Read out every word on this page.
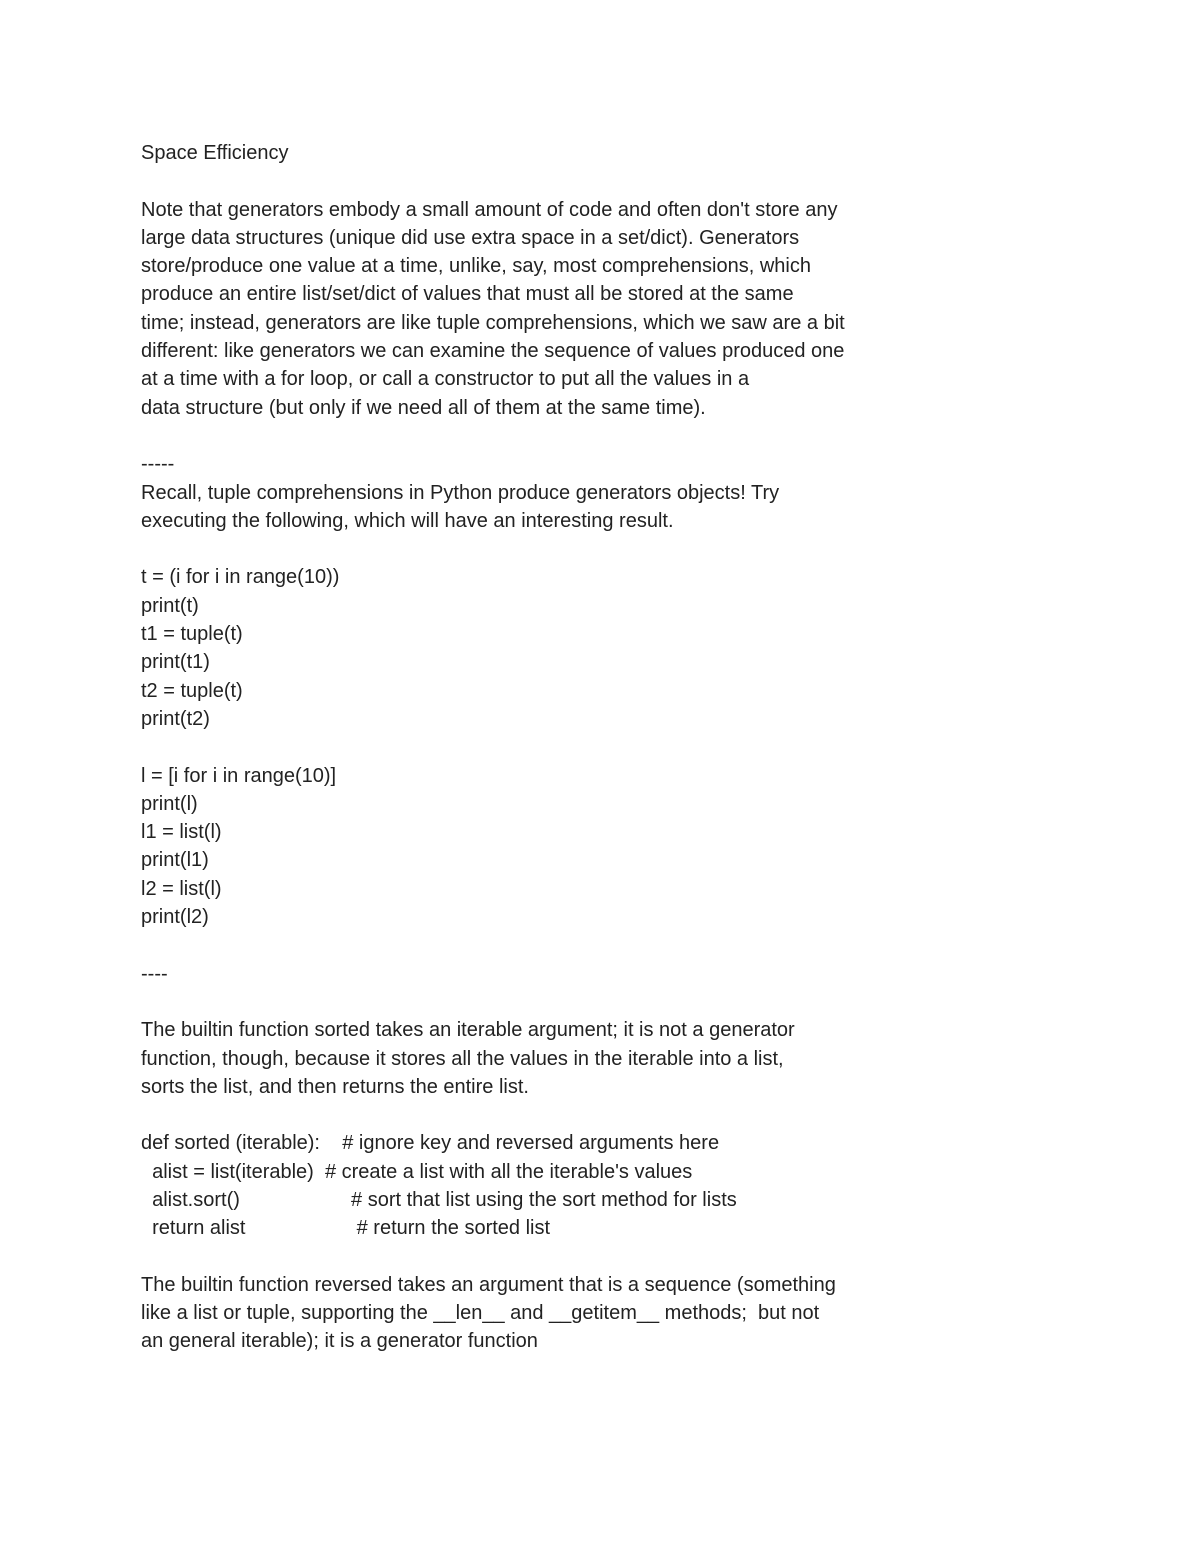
Space Efficiency
Note that generators embody a small amount of code and often don't store any
large data structures (unique did use extra space in a set/dict). Generators
store/produce one value at a time, unlike, say, most comprehensions, which
produce an entire list/set/dict of values that must all be stored at the same
time; instead, generators are like tuple comprehensions, which we saw are a bit
different: like generators we can examine the sequence of values produced one
at a time with a for loop, or call a constructor to put all the values in a
data structure (but only if we need all of them at the same time).
-----
Recall, tuple comprehensions in Python produce generators objects! Try
executing the following, which will have an interesting result.
t = (i for i in range(10))
print(t)
t1 = tuple(t)
print(t1)
t2 = tuple(t)
print(t2)
l = [i for i in range(10)]
print(l)
l1 = list(l)
print(l1)
l2 = list(l)
print(l2)
----
The builtin function sorted takes an iterable argument; it is not a generator
function, though, because it stores all the values in the iterable into a list,
sorts the list, and then returns the entire list.
def sorted (iterable):    # ignore key and reversed arguments here
alist = list(iterable)  # create a list with all the iterable's values
alist.sort()                    # sort that list using the sort method for lists
return alist                    # return the sorted list
The builtin function reversed takes an argument that is a sequence (something
like a list or tuple, supporting the __len__ and __getitem__ methods;  but not
an general iterable); it is a generator function
